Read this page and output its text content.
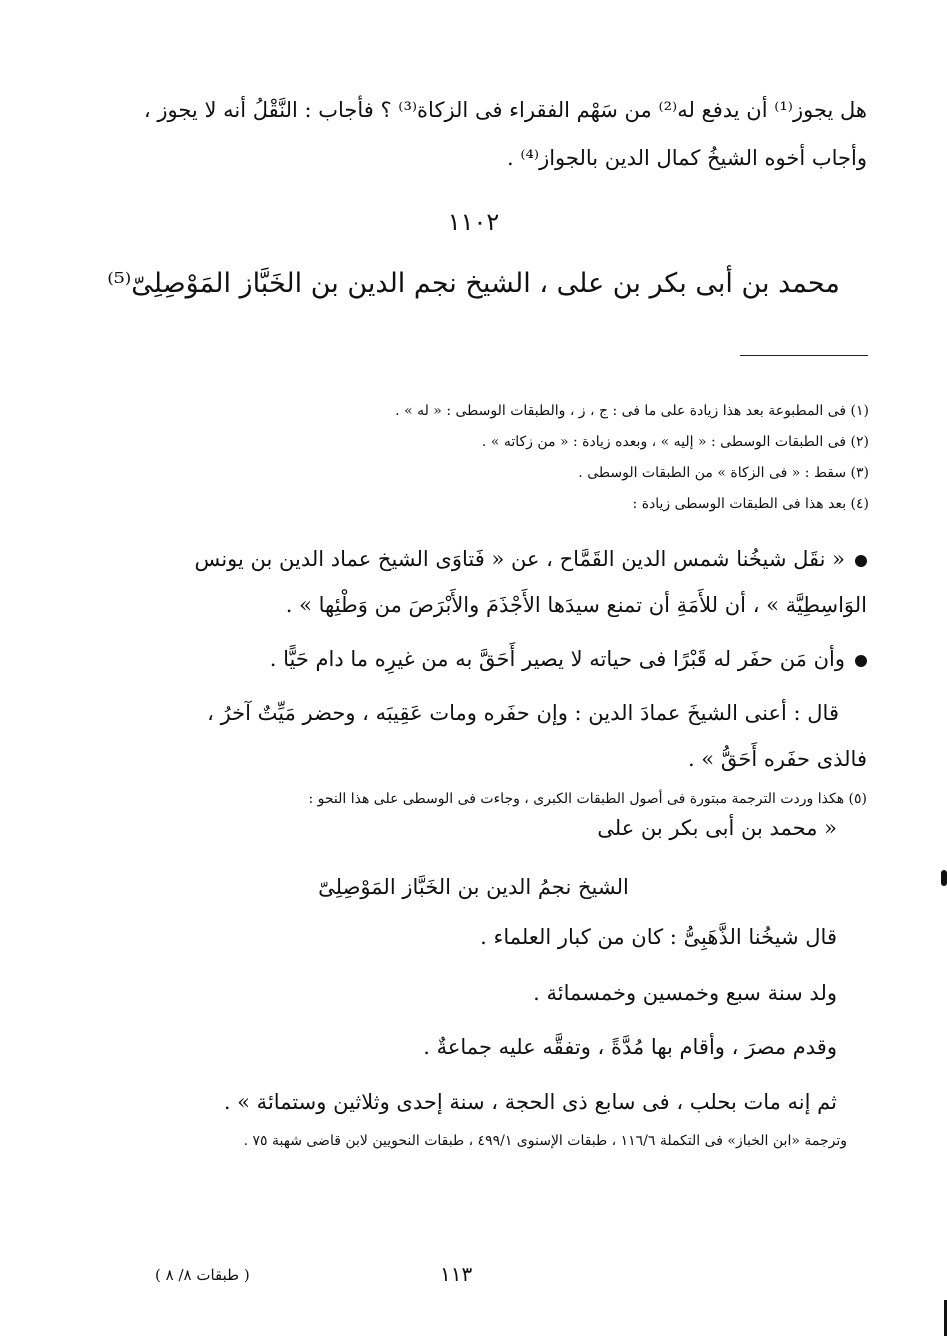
هل يجوز⁽¹⁾ أن يدفع له⁽²⁾ من سَهْم الفقراء فى الزكاة⁽³⁾ ؟ فأجاب : النَّقْلُ أنه لا يجوز ،
وأجاب أخوه الشيخُ كمال الدين بالجواز⁽⁴⁾ .
١١٠٢
محمد بن أبى بكر بن على ، الشيخ نجم الدين بن الخَبَّاز المَوْصِلِىّ⁽⁵⁾
(١) فى المطبوعة بعد هذا زيادة على ما فى : ج ، ز ، والطبقات الوسطى : « له » .
(٢) فى الطبقات الوسطى : « إليه » ، وبعده زيادة : « من زكاته » .
(٣) سقط : « فى الزكاة » من الطبقات الوسطى .
(٤) بعد هذا فى الطبقات الوسطى زيادة :
« نقَل شيخُنا شمس الدين القَمَّاح ، عن « فَتاوَى الشيخ عماد الدين بن يونس
الوَاسِطِيَّة » ، أن للأَمَةِ أن تمنع سيدَها الأَجْذَمَ والأَبْرَصَ من وَطْئِها » .
وأن مَن حفَر له قَبْرًا فى حياته لا يصير أَحَقَّ به من غيرِه ما دام حَيًّا .
قال : أعنى الشيخَ عمادَ الدين : وإن حفَره ومات عَقِيبَه ، وحضر مَيِّتٌ آخرُ ،
فالذى حفَره أَحَقُّ » .
(٥) هكذا وردت الترجمة مبتورة فى أصول الطبقات الكبرى ، وجاءت فى الوسطى على هذا النحو :
« محمد بن أبى بكر بن على
الشيخ نجمُ الدين بن الخَبَّاز المَوْصِلِىّ
قال شيخُنا الذَّهَبِىُّ : كان من كبار العلماء .
ولد سنة سبع وخمسين وخمسمائة .
وقدم مصرَ ، وأقام بها مُدَّةً ، وتفقَّه عليه جماعةٌ .
ثم إنه مات بحلب ، فى سابع ذى الحجة ، سنة إحدى وثلاثين وستمائة » .
وترجمة «ابن الخباز» فى التكملة ١١٦/٦ ، طبقات الإسنوى ٤٩٩/١ ، طبقات النحويين لابن قاضى شهبة ٧٥ .
١١٣
( طبقات ٨/ ٨ )
